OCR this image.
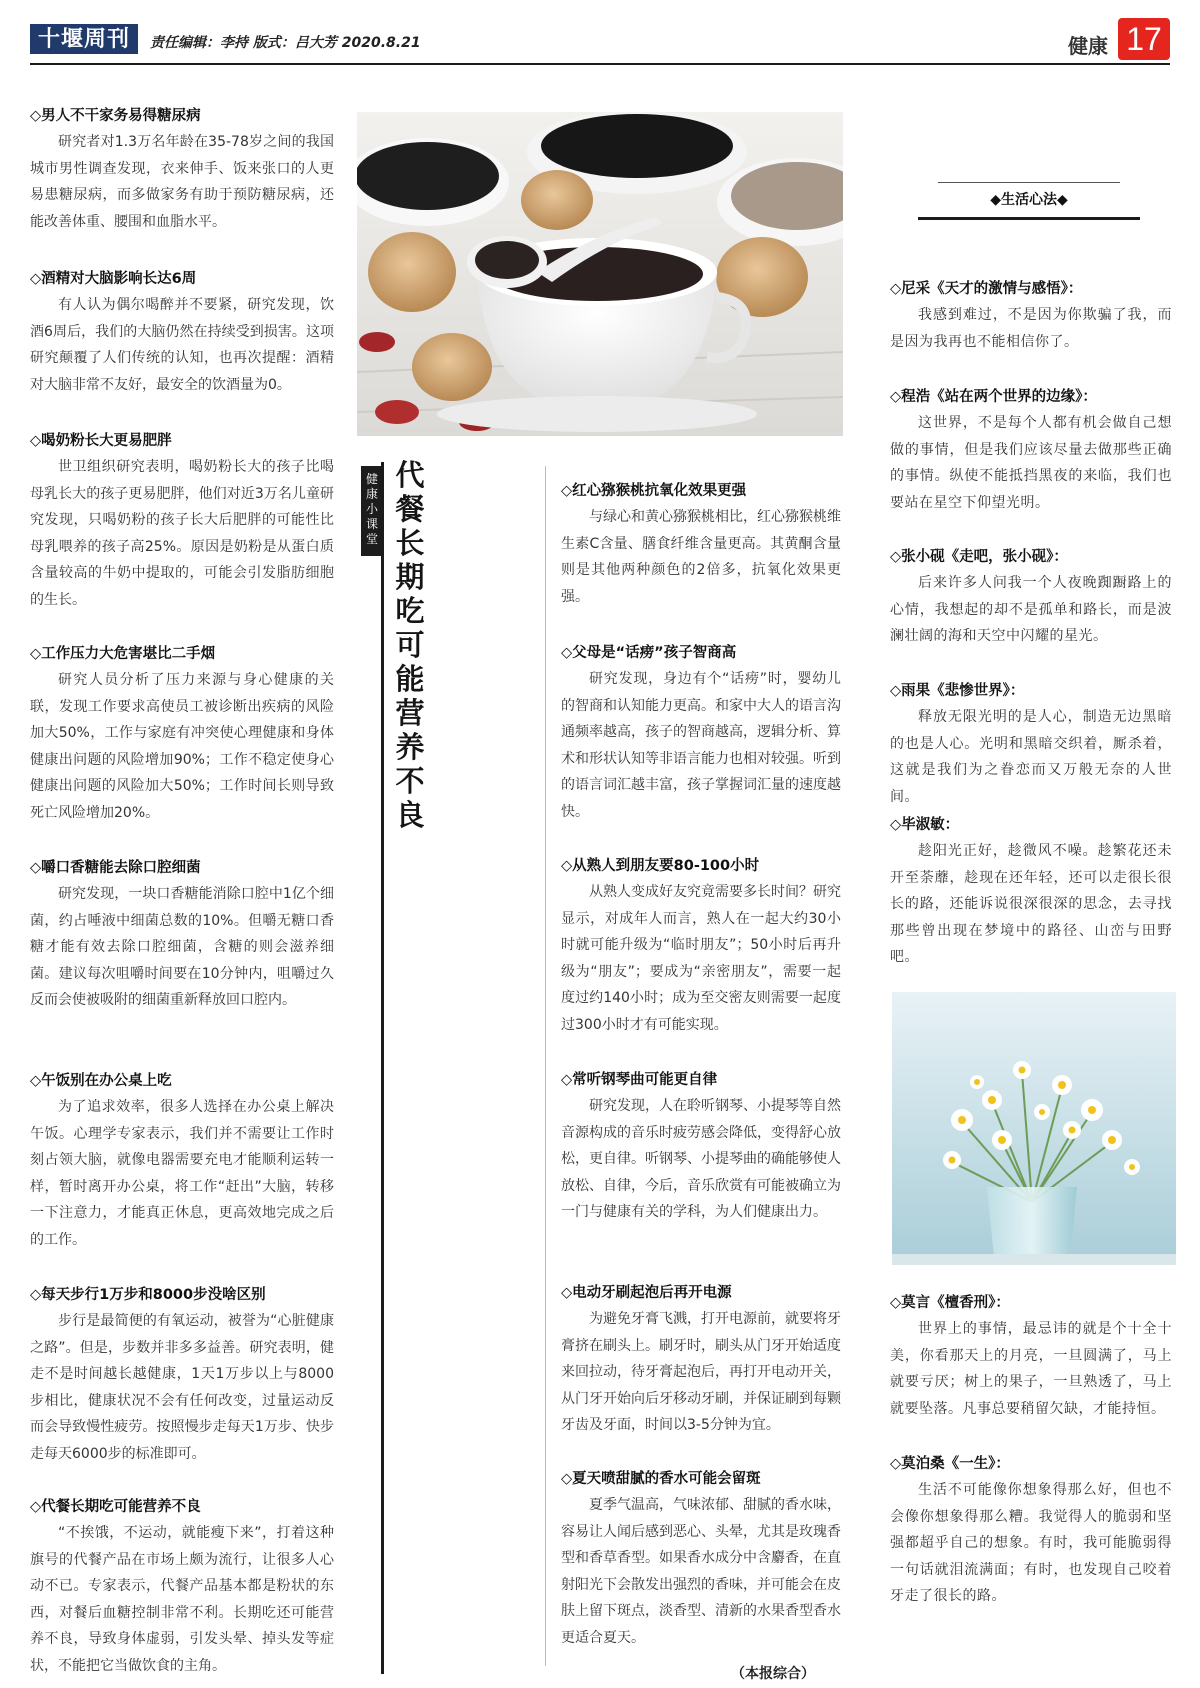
十堰周刊	责任编辑：李持 版式：吕大芳 2020.8.21	健康 17
◇男人不干家务易得糖尿病

研究者对1.3万名年龄在35-78岁之间的我国城市男性调查发现，衣来伸手、饭来张口的人更易患糖尿病，而多做家务有助于预防糖尿病，还能改善体重、腰围和血脂水平。

◇酒精对大脑影响长达6周

有人认为偶尔喝醉并不要紧，研究发现，饮酒6周后，我们的大脑仍然在持续受到损害。这项研究颠覆了人们传统的认知，也再次提醒：酒精对大脑非常不友好，最安全的饮酒量为0。

◇喝奶粉长大更易肥胖

世卫组织研究表明，喝奶粉长大的孩子比喝母乳长大的孩子更易肥胖，他们对近3万名儿童研究发现，只喝奶粉的孩子长大后肥胖的可能性比母乳喂养的孩子高25%。原因是奶粉是从蛋白质含量较高的牛奶中提取的，可能会引发脂肪细胞的生长。

◇工作压力大危害堪比二手烟

研究人员分析了压力来源与身心健康的关联，发现工作要求高使员工被诊断出疾病的风险加大50%，工作与家庭有冲突使心理健康和身体健康出问题的风险增加90%；工作不稳定使身心健康出问题的风险加大50%；工作时间长则导致死亡风险增加20%。

◇嚼口香糖能去除口腔细菌

研究发现，一块口香糖能消除口腔中1亿个细菌，约占唾液中细菌总数的10%。但嚼无糖口香糖才能有效去除口腔细菌，含糖的则会滋养细菌。建议每次咀嚼时间要在10分钟内，咀嚼过久反而会使被吸附的细菌重新释放回口腔内。

◇午饭别在办公桌上吃

为了追求效率，很多人选择在办公桌上解决午饭。心理学专家表示，我们并不需要让工作时刻占领大脑，就像电器需要充电才能顺利运转一样，暂时离开办公桌，将工作“赶出”大脑，转移一下注意力，才能真正休息，更高效地完成之后的工作。

◇每天步行1万步和8000步没啥区别

步行是最简便的有氧运动，被誉为“心脏健康之路”。但是，步数并非多多益善。研究表明，健走不是时间越长越健康，1天1万步以上与8000步相比，健康状况不会有任何改变，过量运动反而会导致慢性疲劳。按照慢步走每天1万步、快步走每天6000步的标准即可。

◇代餐长期吃可能营养不良

“不挨饿，不运动，就能瘦下来”，打着这种旗号的代餐产品在市场上颇为流行，让很多人心动不已。专家表示，代餐产品基本都是粉状的东西，对餐后血糖控制非常不利。长期吃还可能营养不良，导致身体虚弱，引发头晕、掉头发等症状，不能把它当做饮食的主角。

健康小课堂
代餐长期吃可能营养不良
◇红心猕猴桃抗氧化效果更强

与绿心和黄心猕猴桃相比，红心猕猴桃维生素C含量、膳食纤维含量更高。其黄酮含量则是其他两种颜色的2倍多，抗氧化效果更强。

◇父母是“话痨”孩子智商高

研究发现，身边有个“话痨”时，婴幼儿的智商和认知能力更高。和家中大人的语言沟通频率越高，孩子的智商越高，逻辑分析、算术和形状认知等非语言能力也相对较强。听到的语言词汇越丰富，孩子掌握词汇量的速度越快。

◇从熟人到朋友要80-100小时

从熟人变成好友究竟需要多长时间？研究显示，对成年人而言，熟人在一起大约30小时就可能升级为“临时朋友”；50小时后再升级为“朋友”；要成为“亲密朋友”，需要一起度过约140小时；成为至交密友则需要一起度过300小时才有可能实现。

◇常听钢琴曲可能更自律

研究发现，人在聆听钢琴、小提琴等自然音源构成的音乐时疲劳感会降低，变得舒心放松，更自律。听钢琴、小提琴曲的确能够使人放松、自律，今后，音乐欣赏有可能被确立为一门与健康有关的学科，为人们健康出力。

◇电动牙刷起泡后再开电源

为避免牙膏飞溅，打开电源前，就要将牙膏挤在刷头上。刷牙时，刷头从门牙开始适度来回拉动，待牙膏起泡后，再打开电动开关，从门牙开始向后牙移动牙刷，并保证刷到每颗牙齿及牙面，时间以3-5分钟为宜。

◇夏天喷甜腻的香水可能会留斑

夏季气温高，气味浓郁、甜腻的香水味，容易让人闻后感到恶心、头晕，尤其是玫瑰香型和香草香型。如果香水成分中含麝香，在直射阳光下会散发出强烈的香味，并可能会在皮肤上留下斑点，淡香型、清新的水果香型香水更适合夏天。

（本报综合）
◆生活心法◆
◇尼采《天才的激情与感悟》：

我感到难过，不是因为你欺骗了我，而是因为我再也不能相信你了。

◇程浩《站在两个世界的边缘》：

这世界，不是每个人都有机会做自己想做的事情，但是我们应该尽量去做那些正确的事情。纵使不能抵挡黑夜的来临，我们也要站在星空下仰望光明。

◇张小砚《走吧，张小砚》：

后来许多人问我一个人夜晚踟蹰路上的心情，我想起的却不是孤单和路长，而是波澜壮阔的海和天空中闪耀的星光。

◇雨果《悲惨世界》：

释放无限光明的是人心，制造无边黑暗的也是人心。光明和黑暗交织着，厮杀着，这就是我们为之眷恋而又万般无奈的人世间。

◇毕淑敏：

趁阳光正好，趁微风不噪。趁繁花还未开至荼蘼，趁现在还年轻，还可以走很长很长的路，还能诉说很深很深的思念，去寻找那些曾出现在梦境中的路径、山峦与田野吧。

◇莫言《檀香刑》：

世界上的事情，最忌讳的就是个十全十美，你看那天上的月亮，一旦圆满了，马上就要亏厌；树上的果子，一旦熟透了，马上就要坠落。凡事总要稍留欠缺，才能持恒。

◇莫泊桑《一生》：

生活不可能像你想象得那么好，但也不会像你想象得那么糟。我觉得人的脆弱和坚强都超乎自己的想象。有时，我可能脆弱得一句话就泪流满面；有时，也发现自己咬着牙走了很长的路。
